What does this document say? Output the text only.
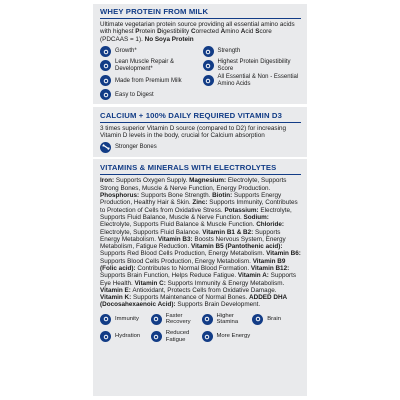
WHEY PROTEIN FROM MILK
Ultimate vegetarian protein source providing all essential amino acids with highest Protein Digestibility Corrected Amino Acid Score (PDCAAS = 1). No Soya Protein
Growth*	Strength
Lean Muscle Repair & Development*
Highest Protein Digestibility Score
Made from Premium Milk
All Essential & Non - Essential Amino Acids
Easy to Digest
CALCIUM + 100% DAILY REQUIRED VITAMIN D3
3 times superior Vitamin D source (compared to D2) for increasing Vitamin D levels in the body, crucial for Calcium absorption
Stronger Bones
VITAMINS & MINERALS WITH ELECTROLYTES
Iron: Supports Oxygen Supply. Magnesium: Electrolyte, Supports Strong Bones, Muscle & Nerve Function, Energy Production. Phosphorus: Supports Bone Strength. Biotin: Supports Energy Production, Healthy Hair & Skin. Zinc: Supports Immunity, Contributes to Protection of Cells from Oxidative Stress. Potassium: Electrolyte, Supports Fluid Balance, Muscle & Nerve Function. Sodium: Electrolyte, Supports Fluid Balance & Muscle Function. Chloride: Electrolyte, Supports Fluid Balance. Vitamin B1 & B2: Supports Energy Metabolism. Vitamin B3: Boosts Nervous System, Energy Metabolism, Fatigue Reduction. Vitamin B5 (Pantothenic acid): Supports Red Blood Cells Production, Energy Metabolism. Vitamin B6: Supports Blood Cells Production, Energy Metabolism. Vitamin B9 (Folic acid): Contributes to Normal Blood Formation. Vitamin B12: Supports Brain Function, Helps Reduce Fatigue. Vitamin A: Supports Eye Health. Vitamin C: Supports Immunity & Energy Metabolism. Vitamin E: Antioxidant, Protects Cells from Oxidative Damage. Vitamin K: Supports Maintenance of Normal Bones. ADDED DHA (Docosahexaenoic Acid): Supports Brain Development.
Immunity
Faster Recovery
Higher Stamina
Brain
Hydration
Reduced Fatigue
More Energy
